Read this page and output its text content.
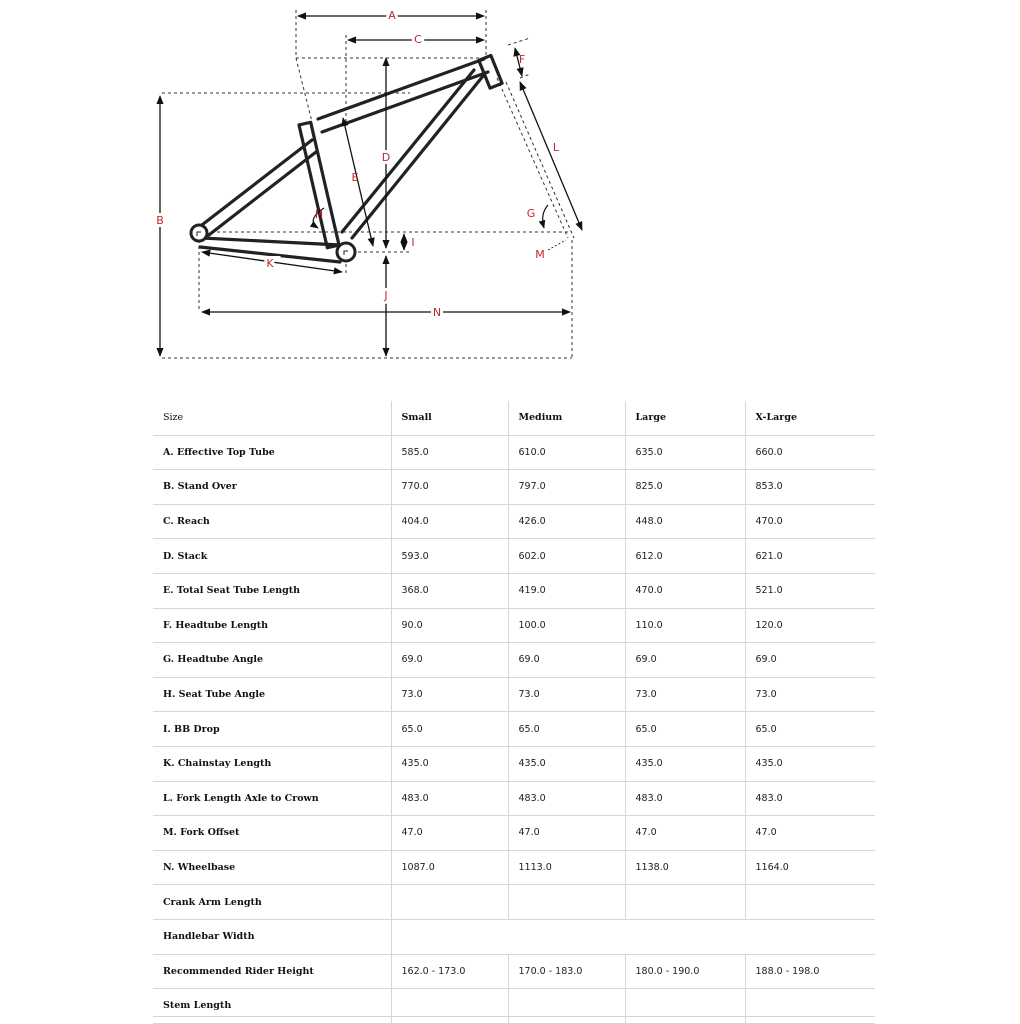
A
C
F
B
L
D
E
H	G
I
M
K
J
N
Size	Small	Medium	Large	X-Large
A. Effective Top Tube	585.0	610.0	635.0	660.0
B. Stand Over	770.0	797.0	825.0	853.0
C. Reach	404.0	426.0	448.0	470.0
D. Stack	593.0	602.0	612.0	621.0
E. Total Seat Tube Length	368.0	419.0	470.0	521.0
F. Headtube Length	90.0	100.0	110.0	120.0
G. Headtube Angle	69.0	69.0	69.0	69.0
H. Seat Tube Angle	73.0	73.0	73.0	73.0
I. BB Drop	65.0	65.0	65.0	65.0
K. Chainstay Length	435.0	435.0	435.0	435.0
L. Fork Length Axle to Crown	483.0	483.0	483.0	483.0
M. Fork Offset	47.0	47.0	47.0	47.0
N. Wheelbase	1087.0	1113.0	1138.0	1164.0
Crank Arm Length				
Handlebar Width				
Recommended Rider Height	162.0 - 173.0	170.0 - 183.0	180.0 - 190.0	188.0 - 198.0
Stem Length				
